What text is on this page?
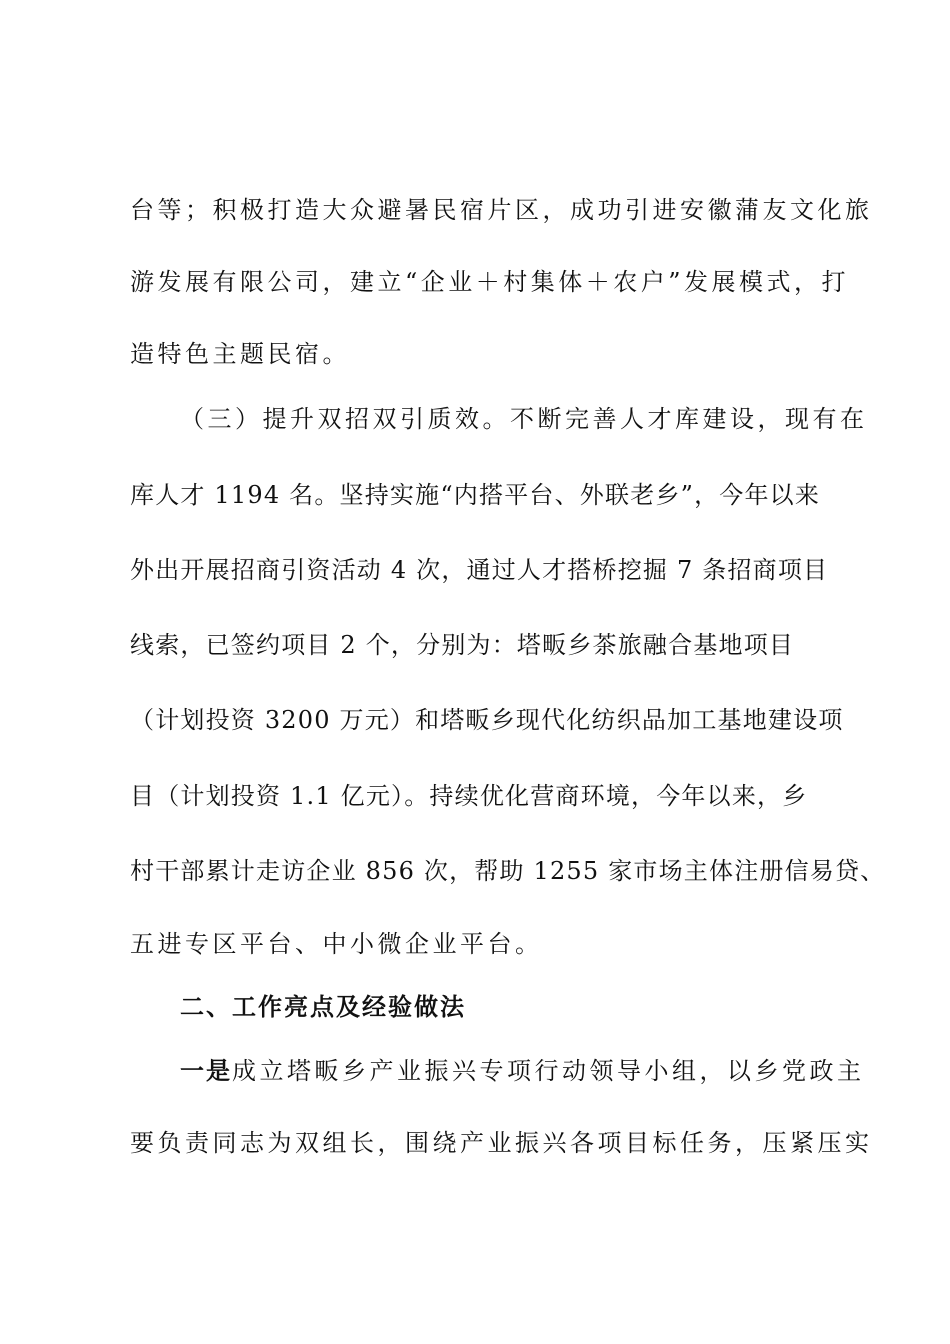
台等；积极打造大众避暑民宿片区，成功引进安徽蒲友文化旅
游发展有限公司，建立“企业＋村集体＋农户”发展模式，打
造特色主题民宿。
（三）提升双招双引质效。不断完善人才库建设，现有在
库人才 1194 名。坚持实施“内搭平台、外联老乡”，今年以来
外出开展招商引资活动 4 次，通过人才搭桥挖掘 7 条招商项目
线索，已签约项目 2 个，分别为：塔畈乡茶旅融合基地项目
（计划投资 3200 万元）和塔畈乡现代化纺织品加工基地建设项
目（计划投资 1.1 亿元）。持续优化营商环境，今年以来，乡
村干部累计走访企业 856 次，帮助 1255 家市场主体注册信易贷、
五进专区平台、中小微企业平台。
二、工作亮点及经验做法
一是成立塔畈乡产业振兴专项行动领导小组，以乡党政主
要负责同志为双组长，围绕产业振兴各项目标任务，压紧压实
